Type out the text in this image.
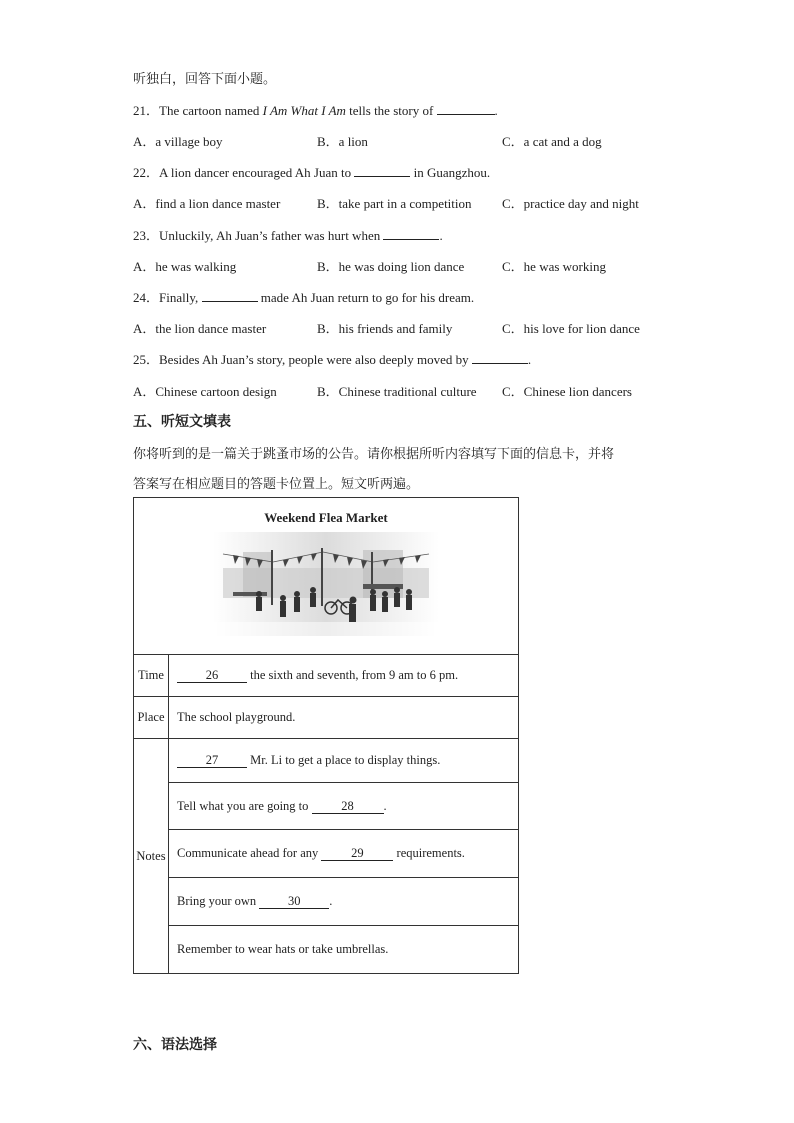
听独白，回答下面小题。
21．The cartoon named I Am What I Am tells the story of	.
A．a village boy	B．a lion	C．a cat and a dog
22．A lion dancer encouraged Ah Juan to	in Guangzhou.
A．find a lion dance master	B．take part in a competition C．practice day and night
23．Unluckily, Ah Juan’s father was hurt when	.
A．he was walking	B．he was doing lion dance	C．he was working
24．Finally,	made Ah Juan return to go for his dream.
A．the lion dance master	B．his friends and family	C．his love for lion dance
25．Besides Ah Juan’s story, people were also deeply moved by	.
A．Chinese cartoon design	B．Chinese traditional culture C．Chinese lion dancers
五、听短文填表
你将听到的是一篇关于跳蚤市场的公告。请你根据所听内容填写下面的信息卡，并将
答案写在相应题目的答题卡位置上。短文听两遍。
Weekend Flea Market	

Time	26 the sixth and seventh, from 9 am to 6 pm.
Place	The school playground.
Notes	27 Mr. Li to get a place to display things.
	Tell what you are going to 28 .
	Communicate ahead for any 29 requirements.
	Bring your own 30 .
	Remember to wear hats or take umbrellas.
六、语法选择
